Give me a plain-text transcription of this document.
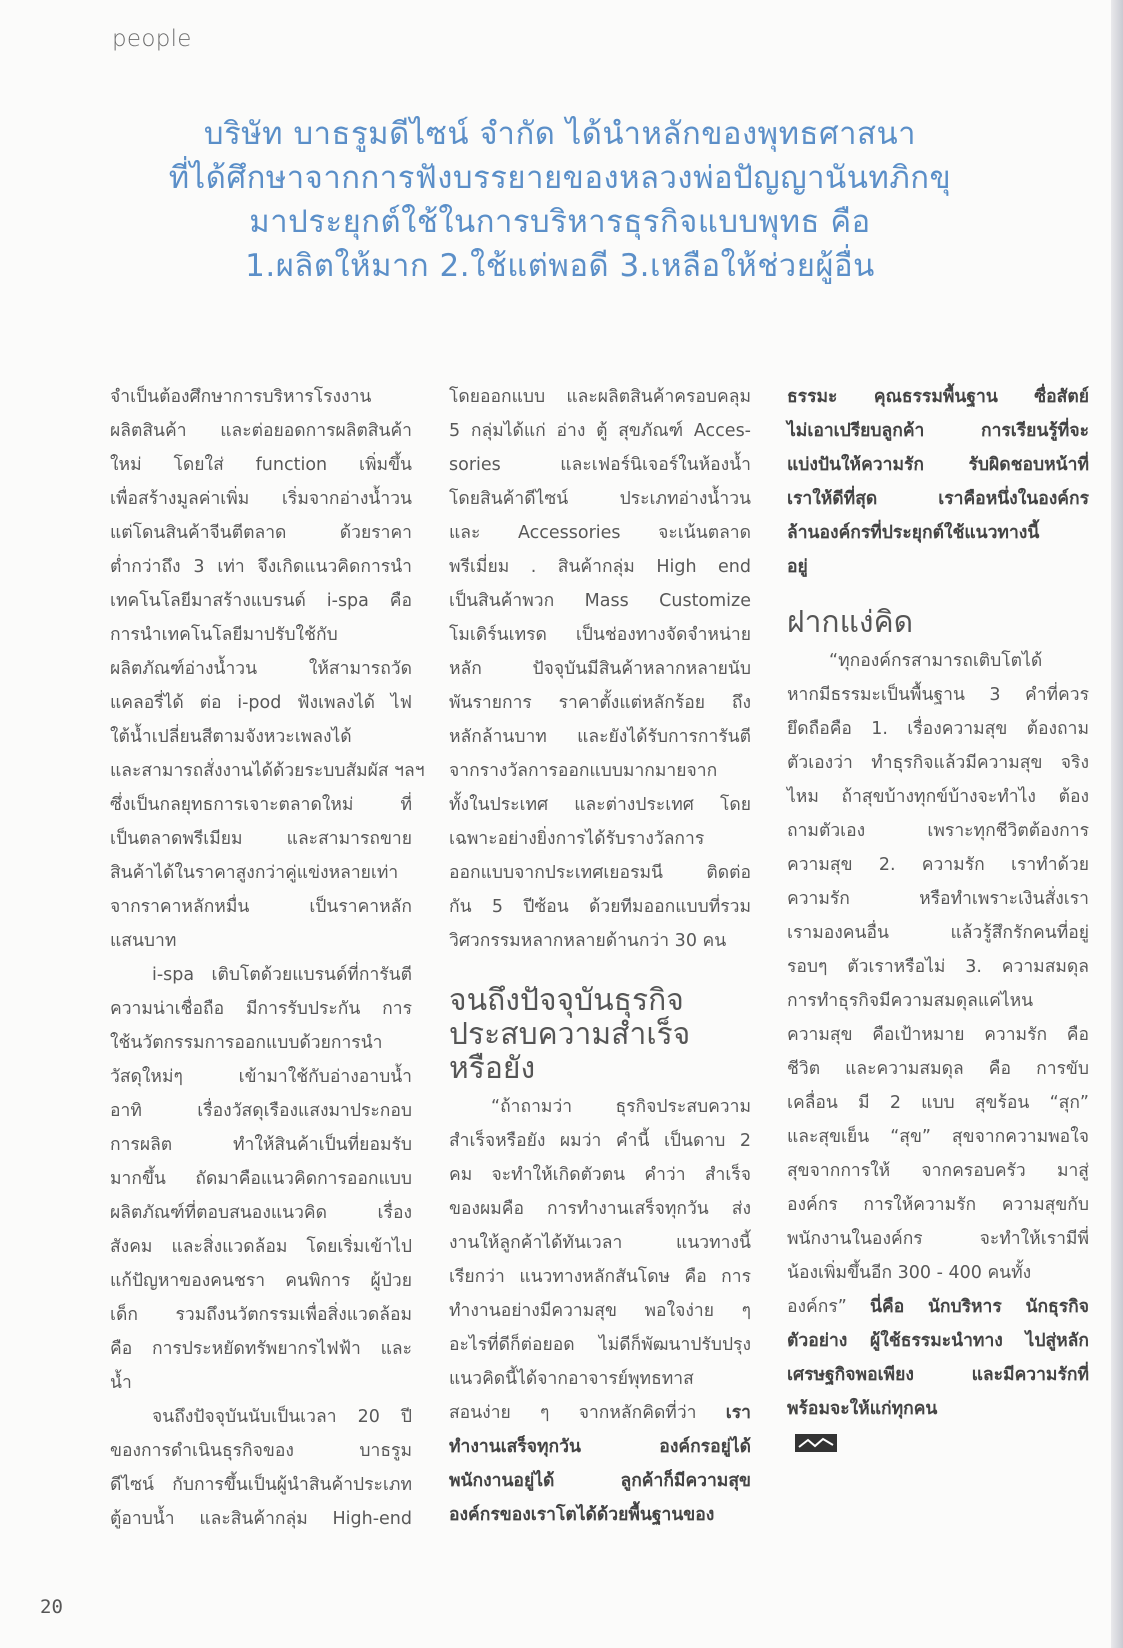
people
บริษัท บาธรูมดีไซน์ จำกัด ได้นำหลักของพุทธศาสนา
ที่ได้ศึกษาจากการฟังบรรยายของหลวงพ่อปัญญานันทภิกขุ
มาประยุกต์ใช้ในการบริหารธุรกิจแบบพุทธ คือ
1.ผลิตให้มาก 2.ใช้แต่พอดี 3.เหลือให้ช่วยผู้อื่น

จำเป็นต้องศึกษาการบริหารโรงงาน
ผลิตสินค้า และต่อยอดการผลิตสินค้า
ใหม่ โดยใส่ function เพิ่มขึ้น
เพื่อสร้างมูลค่าเพิ่ม เริ่มจากอ่างน้ำวน
แต่โดนสินค้าจีนตีตลาด ด้วยราคา
ต่ำกว่าถึง 3 เท่า จึงเกิดแนวคิดการนำ
เทคโนโลยีมาสร้างแบรนด์ i-spa คือ
การนำเทคโนโลยีมาปรับใช้กับ
ผลิตภัณฑ์อ่างน้ำวน ให้สามารถวัด
แคลอรี่ได้ ต่อ i-pod ฟังเพลงได้ ไฟ
ใต้น้ำเปลี่ยนสีตามจังหวะเพลงได้
และสามารถสั่งงานได้ด้วยระบบสัมผัส ฯลฯ
ซึ่งเป็นกลยุทธการเจาะตลาดใหม่ ที่
เป็นตลาดพรีเมียม และสามารถขาย
สินค้าได้ในราคาสูงกว่าคู่แข่งหลายเท่า
จากราคาหลักหมื่น เป็นราคาหลัก
แสนบาท

i-spa เติบโตด้วยแบรนด์ที่การันตี
ความน่าเชื่อถือ มีการรับประกัน การ
ใช้นวัตกรรมการออกแบบด้วยการนำ
วัสดุใหม่ๆ เข้ามาใช้กับอ่างอาบน้ำ
อาทิ เรื่องวัสดุเรืองแสงมาประกอบ
การผลิต ทำให้สินค้าเป็นที่ยอมรับ
มากขึ้น ถัดมาคือแนวคิดการออกแบบ
ผลิตภัณฑ์ที่ตอบสนองแนวคิด เรื่อง
สังคม และสิ่งแวดล้อม โดยเริ่มเข้าไป
แก้ปัญหาของคนชรา คนพิการ ผู้ป่วย
เด็ก รวมถึงนวัตกรรมเพื่อสิ่งแวดล้อม
คือ การประหยัดทรัพยากรไฟฟ้า และ
น้ำ

จนถึงปัจจุบันนับเป็นเวลา 20 ปี
ของการดำเนินธุรกิจของ บาธรูม
ดีไซน์ กับการขึ้นเป็นผู้นำสินค้าประเภท
ตู้อาบน้ำ และสินค้ากลุ่ม High-end

โดยออกแบบ และผลิตสินค้าครอบคลุม
5 กลุ่มได้แก่ อ่าง ตู้ สุขภัณฑ์ Acces-
sories และเฟอร์นิเจอร์ในห้องน้ำ
โดยสินค้าดีไซน์ ประเภทอ่างน้ำวน
และ Accessories จะเน้นตลาด
พรีเมี่ยม . สินค้ากลุ่ม High end
เป็นสินค้าพวก Mass Customize
โมเดิร์นเทรด เป็นช่องทางจัดจำหน่าย
หลัก ปัจจุบันมีสินค้าหลากหลายนับ
พันรายการ ราคาตั้งแต่หลักร้อย ถึง
หลักล้านบาท และยังได้รับการการันตี
จากรางวัลการออกแบบมากมายจาก
ทั้งในประเทศ และต่างประเทศ โดย
เฉพาะอย่างยิ่งการได้รับรางวัลการ
ออกแบบจากประเทศเยอรมนี ติดต่อ
กัน 5 ปีซ้อน ด้วยทีมออกแบบที่รวม
วิศวกรรมหลากหลายด้านกว่า 30 คน

จนถึงปัจจุบันธุรกิจ
ประสบความสำเร็จ
หรือยัง

“ถ้าถามว่า ธุรกิจประสบความ
สำเร็จหรือยัง ผมว่า คำนี้ เป็นดาบ 2
คม จะทำให้เกิดตัวตน คำว่า สำเร็จ
ของผมคือ การทำงานเสร็จทุกวัน ส่ง
งานให้ลูกค้าได้ทันเวลา แนวทางนี้
เรียกว่า แนวทางหลักสันโดษ คือ การ
ทำงานอย่างมีความสุข พอใจง่าย ๆ
อะไรที่ดีก็ต่อยอด ไม่ดีก็พัฒนาปรับปรุง
แนวคิดนี้ได้จากอาจารย์พุทธทาส
สอนง่าย ๆ จากหลักคิดที่ว่า เรา
ทำงานเสร็จทุกวัน องค์กรอยู่ได้
พนักงานอยู่ได้ ลูกค้าก็มีความสุข
องค์กรของเราโตได้ด้วยพื้นฐานของ

ธรรมะ คุณธรรมพื้นฐาน ซื่อสัตย์
ไม่เอาเปรียบลูกค้า การเรียนรู้ที่จะ
แบ่งปันให้ความรัก รับผิดชอบหน้าที่
เราให้ดีที่สุด เราคือหนึ่งในองค์กร
ล้านองค์กรที่ประยุกต์ใช้แนวทางนี้
อยู่
ฝากแง่คิด

“ทุกองค์กรสามารถเติบโตได้
หากมีธรรมะเป็นพื้นฐาน 3 คำที่ควร
ยึดถือคือ 1. เรื่องความสุข ต้องถาม
ตัวเองว่า ทำธุรกิจแล้วมีความสุข จริง
ไหม ถ้าสุขบ้างทุกข์บ้างจะทำไง ต้อง
ถามตัวเอง เพราะทุกชีวิตต้องการ
ความสุข 2. ความรัก เราทำด้วย
ความรัก หรือทำเพราะเงินสั่งเรา
เรามองคนอื่น แล้วรู้สึกรักคนที่อยู่
รอบๆ ตัวเราหรือไม่ 3. ความสมดุล
การทำธุรกิจมีความสมดุลแค่ไหน
ความสุข คือเป้าหมาย ความรัก คือ
ชีวิต และความสมดุล คือ การขับ
เคลื่อน มี 2 แบบ สุขร้อน “สุก”
และสุขเย็น “สุข” สุขจากความพอใจ
สุขจากการให้ จากครอบครัว มาสู่
องค์กร การให้ความรัก ความสุขกับ
พนักงานในองค์กร จะทำให้เรามีพี่
น้องเพิ่มขึ้นอีก 300 - 400 คนทั้ง
องค์กร” นี่คือ นักบริหาร นักธุรกิจ
ตัวอย่าง ผู้ใช้ธรรมะนำทาง ไปสู่หลัก
เศรษฐกิจพอเพียง และมีความรักที่
พร้อมจะให้แก่ทุกคน

20
